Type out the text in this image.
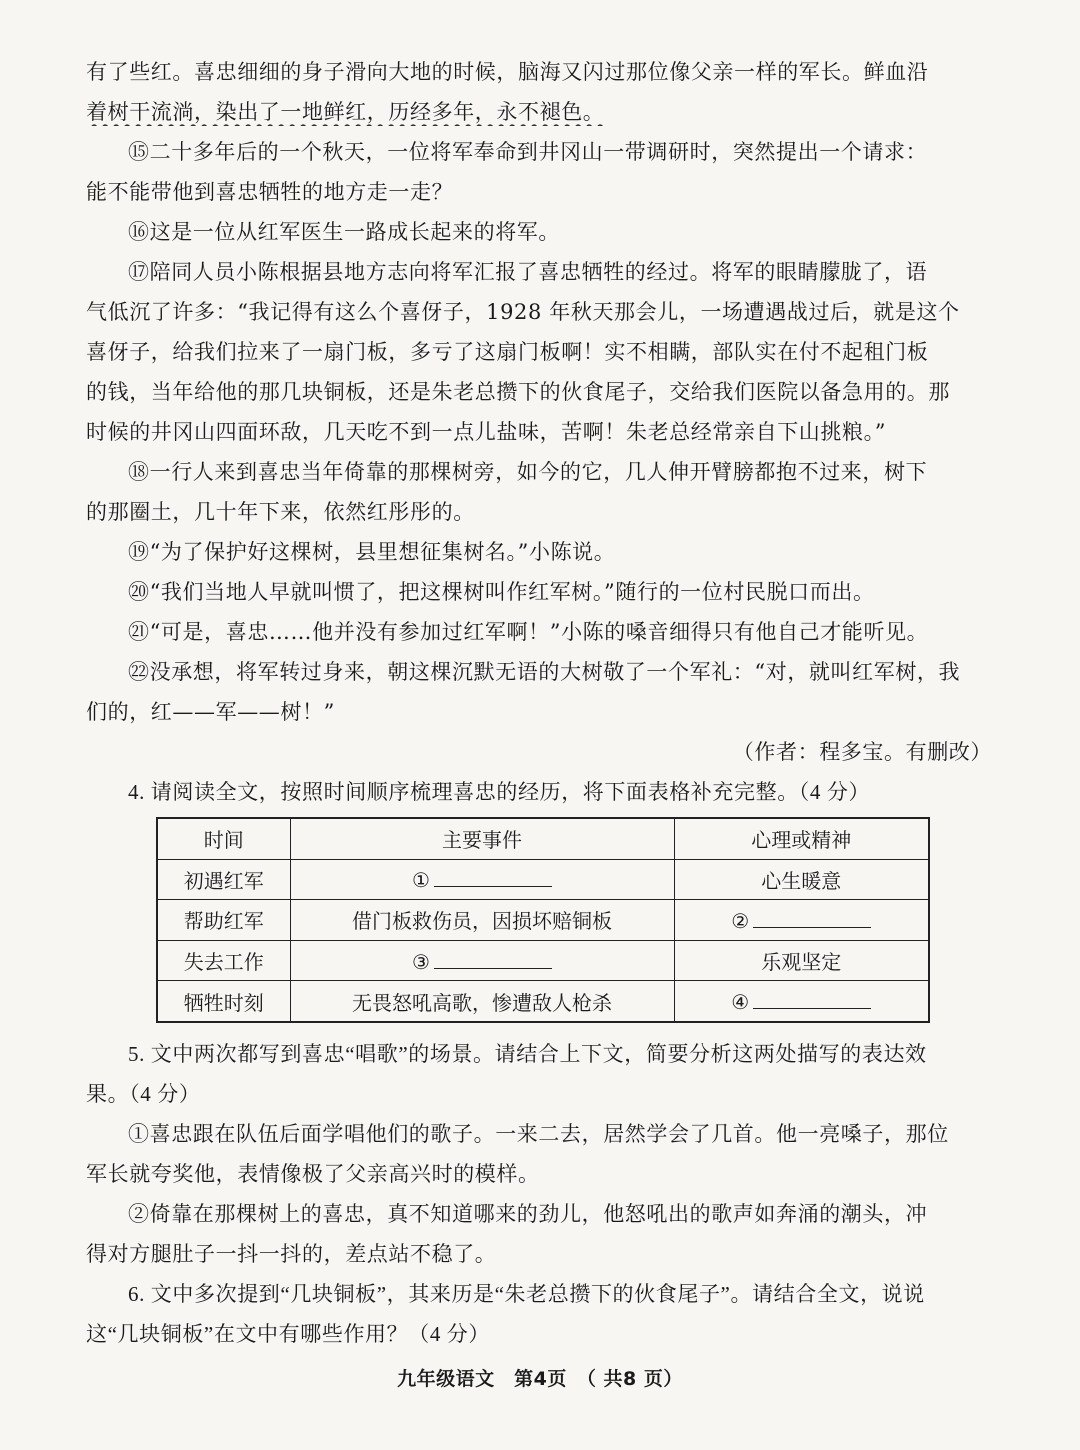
有了些红。喜忠细细的身子滑向大地的时候，脑海又闪过那位像父亲一样的军长。鲜血沿
着树干流淌，染出了一地鲜红，历经多年，永不褪色。
⑮二十多年后的一个秋天，一位将军奉命到井冈山一带调研时，突然提出一个请求：
能不能带他到喜忠牺牲的地方走一走？
⑯这是一位从红军医生一路成长起来的将军。
⑰陪同人员小陈根据县地方志向将军汇报了喜忠牺牲的经过。将军的眼睛朦胧了，语
气低沉了许多：“我记得有这么个喜伢子，1928 年秋天那会儿，一场遭遇战过后，就是这个
喜伢子，给我们拉来了一扇门板，多亏了这扇门板啊！实不相瞒，部队实在付不起租门板
的钱，当年给他的那几块铜板，还是朱老总攒下的伙食尾子，交给我们医院以备急用的。那
时候的井冈山四面环敌，几天吃不到一点儿盐味，苦啊！朱老总经常亲自下山挑粮。”
⑱一行人来到喜忠当年倚靠的那棵树旁，如今的它，几人伸开臂膀都抱不过来，树下
的那圈土，几十年下来，依然红彤彤的。
⑲“为了保护好这棵树，县里想征集树名。”小陈说。
⑳“我们当地人早就叫惯了，把这棵树叫作红军树。”随行的一位村民脱口而出。
㉑“可是，喜忠……他并没有参加过红军啊！”小陈的嗓音细得只有他自己才能听见。
㉒没承想，将军转过身来，朝这棵沉默无语的大树敬了一个军礼：“对，就叫红军树，我
们的，红——军——树！”
（作者：程多宝。有删改）
4. 请阅读全文，按照时间顺序梳理喜忠的经历，将下面表格补充完整。（4 分）
时间	主要事件	心理或精神
初遇红军	①	心生暖意
帮助红军	借门板救伤员，因损坏赔铜板	②
失去工作	③	乐观坚定
牺牲时刻	无畏怒吼高歌，惨遭敌人枪杀	④
5. 文中两次都写到喜忠“唱歌”的场景。请结合上下文，简要分析这两处描写的表达效
果。（4 分）
①喜忠跟在队伍后面学唱他们的歌子。一来二去，居然学会了几首。他一亮嗓子，那位
军长就夸奖他，表情像极了父亲高兴时的模样。
②倚靠在那棵树上的喜忠，真不知道哪来的劲儿，他怒吼出的歌声如奔涌的潮头，冲
得对方腿肚子一抖一抖的，差点站不稳了。
6. 文中多次提到“几块铜板”，其来历是“朱老总攒下的伙食尾子”。请结合全文，说说
这“几块铜板”在文中有哪些作用？（4 分）
九年级语文　第4页　（ 共8 页）
